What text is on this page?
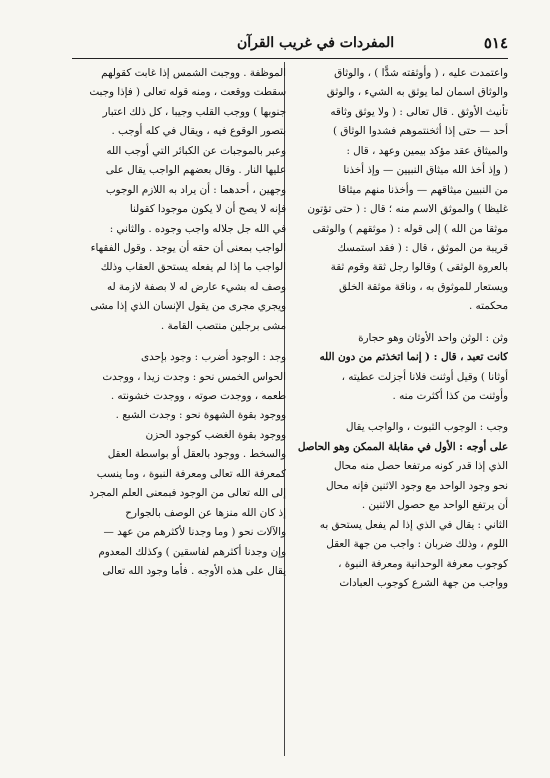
٥١٤
المفردات في غريب القرآن
واعتمدت عليه ، ( وأوثقته شدًّا ) ، والوثاق
والوثاق اسمان لما يوثق به الشيء ، والوثق
تأنيث الأوثق . قال تعالى : ( ولا يوثق وثاقه
أحد — حتى إذا أثخنتموهم فشدوا الوثاق )
والميثاق عقد مؤكد بيمين وعهد ، قال :
( وإذ أخذ الله ميثاق النبيين — وإذ أخذنا
من النبيين ميثاقهم — وأخذنا منهم ميثاقا
غليظا ) والموثق الاسم منه ؛ قال : ( حتى تؤتون
موثقا من الله ) إلى قوله : ( موثقهم ) والوثقى
قريبة من الموثق ، قال : ( فقد استمسك
بالعروة الوثقى ) وقالوا رجل ثقة وقوم ثقة
ويستعار للموثوق به ، وناقة موثقة الخلق
محكمته .
وثن : الوثن واحد الأوثان وهو حجارة
كانت تعبد ، قال : ( إنما اتخذتم من دون الله
أوثانا ) وقيل أوثنت فلانا أجزلت عطيته ،
وأوثنت من كذا أكثرت منه .
وجب : الوجوب الثبوت ، والواجب يقال
على أوجه : الأول في مقابلة الممكن وهو الحاصل
الذي إذا قدر كونه مرتفعا حصل منه محال
نحو وجود الواحد مع وجود الاثنين فإنه محال
أن يرتفع الواحد مع حصول الاثنين .
الثاني : يقال في الذي إذا لم يفعل يستحق به
اللوم ، وذلك ضربان : واجب من جهة العقل
كوجوب معرفة الوحدانية ومعرفة النبوة ،
وواجب من جهة الشرع كوجوب العبادات
الموظفة . ووجبت الشمس إذا غابت كقولهم
سقطت ووقعت ، ومنه قوله تعالى ( فإذا وجبت
جنوبها ) ووجب القلب وجيبا ، كل ذلك اعتبار
بتصور الوقوع فيه ، ويقال في كله أوجب .
وعبر بالموجبات عن الكبائر التي أوجب الله
عليها النار . وقال بعضهم الواجب يقال على
وجهين ، أحدهما : أن يراد به اللازم الوجوب
فإنه لا يصح أن لا يكون موجودا كقولنا
في الله جل جلاله واجب وجوده . والثاني :
الواجب بمعنى أن حقه أن يوجد . وقول الفقهاء
الواجب ما إذا لم يفعله يستحق العقاب وذلك
وصف له بشيء عارض له لا بصفة لازمة له
ويجري مجرى من يقول الإنسان الذي إذا مشى
مشى برجلين منتصب القامة .
وجد : الوجود أضرب : وجود بإحدى
الحواس الخمس نحو : وجدت زيدا ، ووجدت
طعمه ، ووجدت صوته ، ووجدت خشونته .
ووجود بقوة الشهوة نحو : وجدت الشبع .
ووجود بقوة الغضب كوجود الحزن
والسخط . ووجود بالعقل أو بواسطة العقل
كمعرفة الله تعالى ومعرفة النبوة ، وما ينسب
إلى الله تعالى من الوجود فبمعنى العلم المجرد
إذ كان الله منزها عن الوصف بالجوارح
والآلات نحو ( وما وجدنا لأكثرهم من عهد —
وإن وجدنا أكثرهم لفاسقين ) وكذلك المعدوم
يقال على هذه الأوجه . فأما وجود الله تعالى
